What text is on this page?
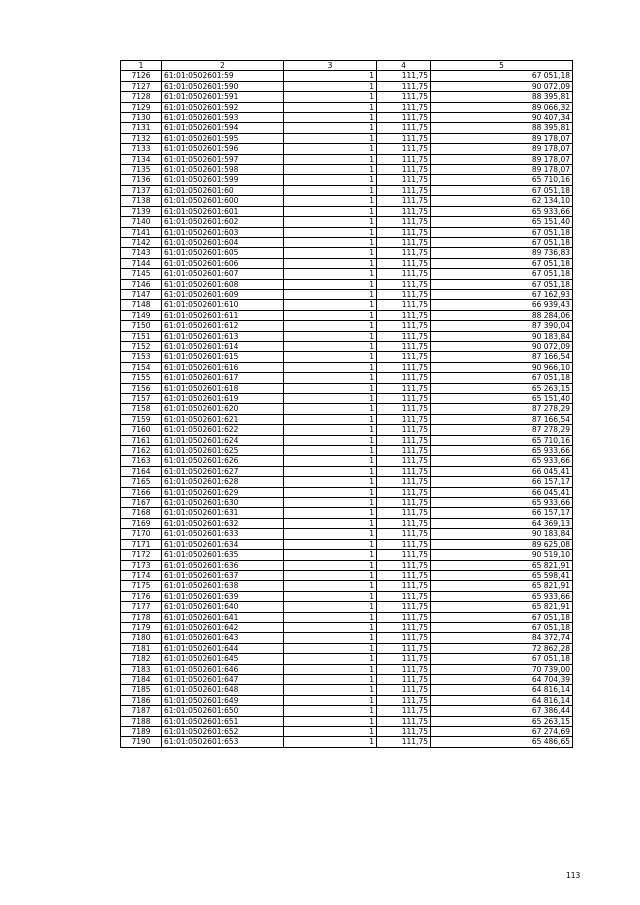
1	2	3	4	5
7126	61:01:0502601:59	1	111,75	67 051,18
7127	61:01:0502601:590	1	111,75	90 072,09
7128	61:01:0502601:591	1	111,75	88 395,81
7129	61:01:0502601:592	1	111,75	89 066,32
7130	61:01:0502601:593	1	111,75	90 407,34
7131	61:01:0502601:594	1	111,75	88 395,81
7132	61:01:0502601:595	1	111,75	89 178,07
7133	61:01:0502601:596	1	111,75	89 178,07
7134	61:01:0502601:597	1	111,75	89 178,07
7135	61:01:0502601:598	1	111,75	89 178,07
7136	61:01:0502601:599	1	111,75	65 710,16
7137	61:01:0502601:60	1	111,75	67 051,18
7138	61:01:0502601:600	1	111,75	62 134,10
7139	61:01:0502601:601	1	111,75	65 933,66
7140	61:01:0502601:602	1	111,75	65 151,40
7141	61:01:0502601:603	1	111,75	67 051,18
7142	61:01:0502601:604	1	111,75	67 051,18
7143	61:01:0502601:605	1	111,75	89 736,83
7144	61:01:0502601:606	1	111,75	67 051,18
7145	61:01:0502601:607	1	111,75	67 051,18
7146	61:01:0502601:608	1	111,75	67 051,18
7147	61:01:0502601:609	1	111,75	67 162,93
7148	61:01:0502601:610	1	111,75	66 939,43
7149	61:01:0502601:611	1	111,75	88 284,06
7150	61:01:0502601:612	1	111,75	87 390,04
7151	61:01:0502601:613	1	111,75	90 183,84
7152	61:01:0502601:614	1	111,75	90 072,09
7153	61:01:0502601:615	1	111,75	87 166,54
7154	61:01:0502601:616	1	111,75	90 966,10
7155	61:01:0502601:617	1	111,75	67 051,18
7156	61:01:0502601:618	1	111,75	65 263,15
7157	61:01:0502601:619	1	111,75	65 151,40
7158	61:01:0502601:620	1	111,75	87 278,29
7159	61:01:0502601:621	1	111,75	87 166,54
7160	61:01:0502601:622	1	111,75	87 278,29
7161	61:01:0502601:624	1	111,75	65 710,16
7162	61:01:0502601:625	1	111,75	65 933,66
7163	61:01:0502601:626	1	111,75	65 933,66
7164	61:01:0502601:627	1	111,75	66 045,41
7165	61:01:0502601:628	1	111,75	66 157,17
7166	61:01:0502601:629	1	111,75	66 045,41
7167	61:01:0502601:630	1	111,75	65 933,66
7168	61:01:0502601:631	1	111,75	66 157,17
7169	61:01:0502601:632	1	111,75	64 369,13
7170	61:01:0502601:633	1	111,75	90 183,84
7171	61:01:0502601:634	1	111,75	89 625,08
7172	61:01:0502601:635	1	111,75	90 519,10
7173	61:01:0502601:636	1	111,75	65 821,91
7174	61:01:0502601:637	1	111,75	65 598,41
7175	61:01:0502601:638	1	111,75	65 821,91
7176	61:01:0502601:639	1	111,75	65 933,66
7177	61:01:0502601:640	1	111,75	65 821,91
7178	61:01:0502601:641	1	111,75	67 051,18
7179	61:01:0502601:642	1	111,75	67 051,18
7180	61:01:0502601:643	1	111,75	84 372,74
7181	61:01:0502601:644	1	111,75	72 862,28
7182	61:01:0502601:645	1	111,75	67 051,18
7183	61:01:0502601:646	1	111,75	70 739,00
7184	61:01:0502601:647	1	111,75	64 704,39
7185	61:01:0502601:648	1	111,75	64 816,14
7186	61:01:0502601:649	1	111,75	64 816,14
7187	61:01:0502601:650	1	111,75	67 386,44
7188	61:01:0502601:651	1	111,75	65 263,15
7189	61:01:0502601:652	1	111,75	67 274,69
7190	61:01:0502601:653	1	111,75	65 486,65
113
